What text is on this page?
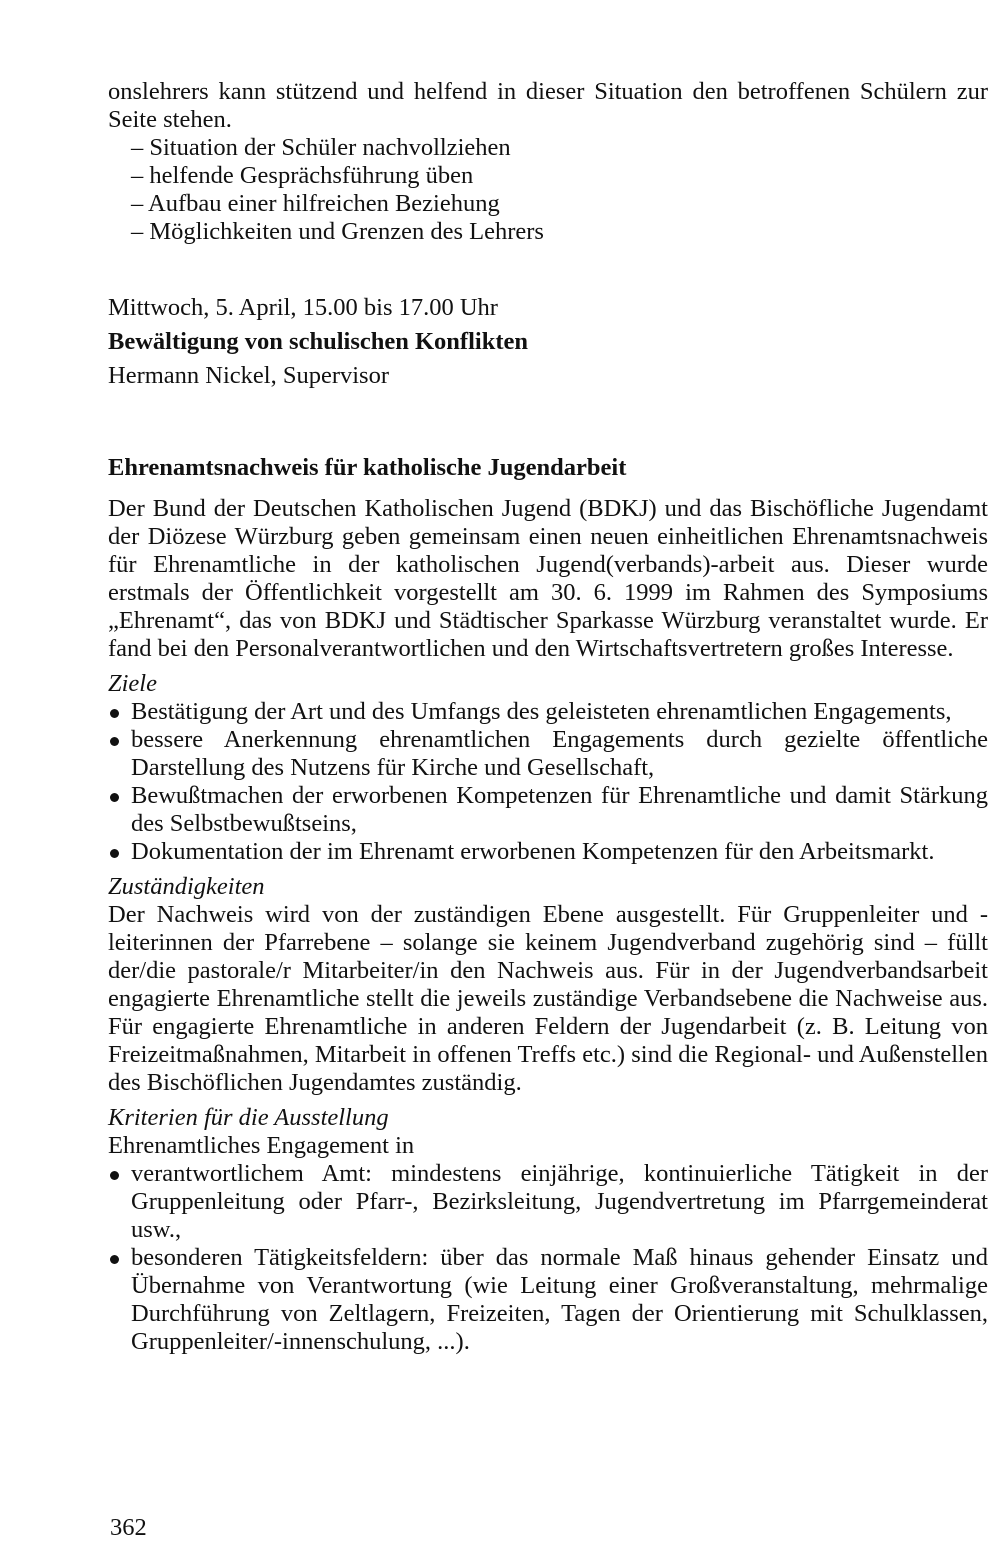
onslehrers kann stützend und helfend in dieser Situation den betroffenen Schülern zur Seite stehen.

– Situation der Schüler nachvollziehen
– helfende Gesprächsführung üben
– Aufbau einer hilfreichen Beziehung
– Möglichkeiten und Grenzen des Lehrers

Mittwoch, 5. April, 15.00 bis 17.00 Uhr

Bewältigung von schulischen Konflikten

Hermann Nickel, Supervisor

Ehrenamtsnachweis für katholische Jugendarbeit

Der Bund der Deutschen Katholischen Jugend (BDKJ) und das Bischöfliche Jugendamt der Diözese Würzburg geben gemeinsam einen neuen einheitlichen Ehrenamtsnachweis für Ehrenamtliche in der katholischen Jugend(verbands)-arbeit aus. Dieser wurde erstmals der Öffentlichkeit vorgestellt am 30. 6. 1999 im Rahmen des Symposiums „Ehrenamt“, das von BDKJ und Städtischer Sparkasse Würzburg veranstaltet wurde. Er fand bei den Personalverantwortlichen und den Wirtschaftsvertretern großes Interesse.

Ziele

Bestätigung der Art und des Umfangs des geleisteten ehrenamtlichen Engagements,
bessere Anerkennung ehrenamtlichen Engagements durch gezielte öffentliche Darstellung des Nutzens für Kirche und Gesellschaft,
Bewußtmachen der erworbenen Kompetenzen für Ehrenamtliche und damit Stärkung des Selbstbewußtseins,
Dokumentation der im Ehrenamt erworbenen Kompetenzen für den Arbeitsmarkt.

Zuständigkeiten

Der Nachweis wird von der zuständigen Ebene ausgestellt. Für Gruppenleiter und -leiterinnen der Pfarrebene – solange sie keinem Jugendverband zugehörig sind – füllt der/die pastorale/r Mitarbeiter/in den Nachweis aus. Für in der Jugendverbandsarbeit engagierte Ehrenamtliche stellt die jeweils zuständige Verbandsebene die Nachweise aus. Für engagierte Ehrenamtliche in anderen Feldern der Jugendarbeit (z. B. Leitung von Freizeitmaßnahmen, Mitarbeit in offenen Treffs etc.) sind die Regional- und Außenstellen des Bischöflichen Jugendamtes zuständig.

Kriterien für die Ausstellung

Ehrenamtliches Engagement in

verantwortlichem Amt: mindestens einjährige, kontinuierliche Tätigkeit in der Gruppenleitung oder Pfarr-, Bezirksleitung, Jugendvertretung im Pfarrgemeinderat usw.,
besonderen Tätigkeitsfeldern: über das normale Maß hinaus gehender Einsatz und Übernahme von Verantwortung (wie Leitung einer Großveranstaltung, mehrmalige Durchführung von Zeltlagern, Freizeiten, Tagen der Orientierung mit Schulklassen, Gruppenleiter/-innenschulung, ...).
362
